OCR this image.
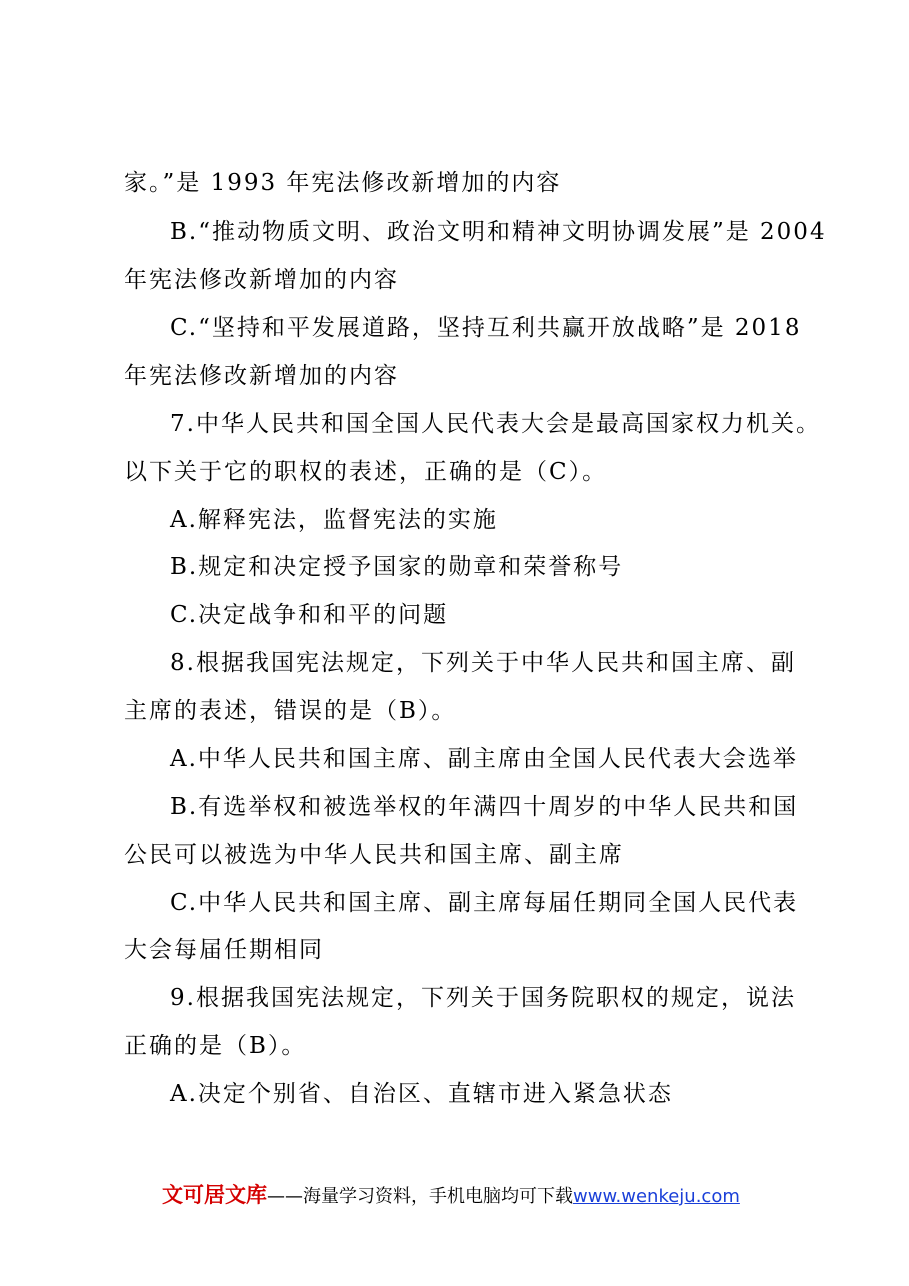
家。”是 1993 年宪法修改新增加的内容
B.“推动物质文明、政治文明和精神文明协调发展”是 2004
年宪法修改新增加的内容
C.“坚持和平发展道路，坚持互利共赢开放战略”是 2018
年宪法修改新增加的内容
7.中华人民共和国全国人民代表大会是最高国家权力机关。
以下关于它的职权的表述，正确的是（C）。
A.解释宪法，监督宪法的实施
B.规定和决定授予国家的勋章和荣誉称号
C.决定战争和和平的问题
8.根据我国宪法规定，下列关于中华人民共和国主席、副
主席的表述，错误的是（B）。
A.中华人民共和国主席、副主席由全国人民代表大会选举
B.有选举权和被选举权的年满四十周岁的中华人民共和国
公民可以被选为中华人民共和国主席、副主席
C.中华人民共和国主席、副主席每届任期同全国人民代表
大会每届任期相同
9.根据我国宪法规定，下列关于国务院职权的规定，说法
正确的是（B）。
A.决定个别省、自治区、直辖市进入紧急状态
文可居文库——海量学习资料，手机电脑均可下载www.wenkeju.com
